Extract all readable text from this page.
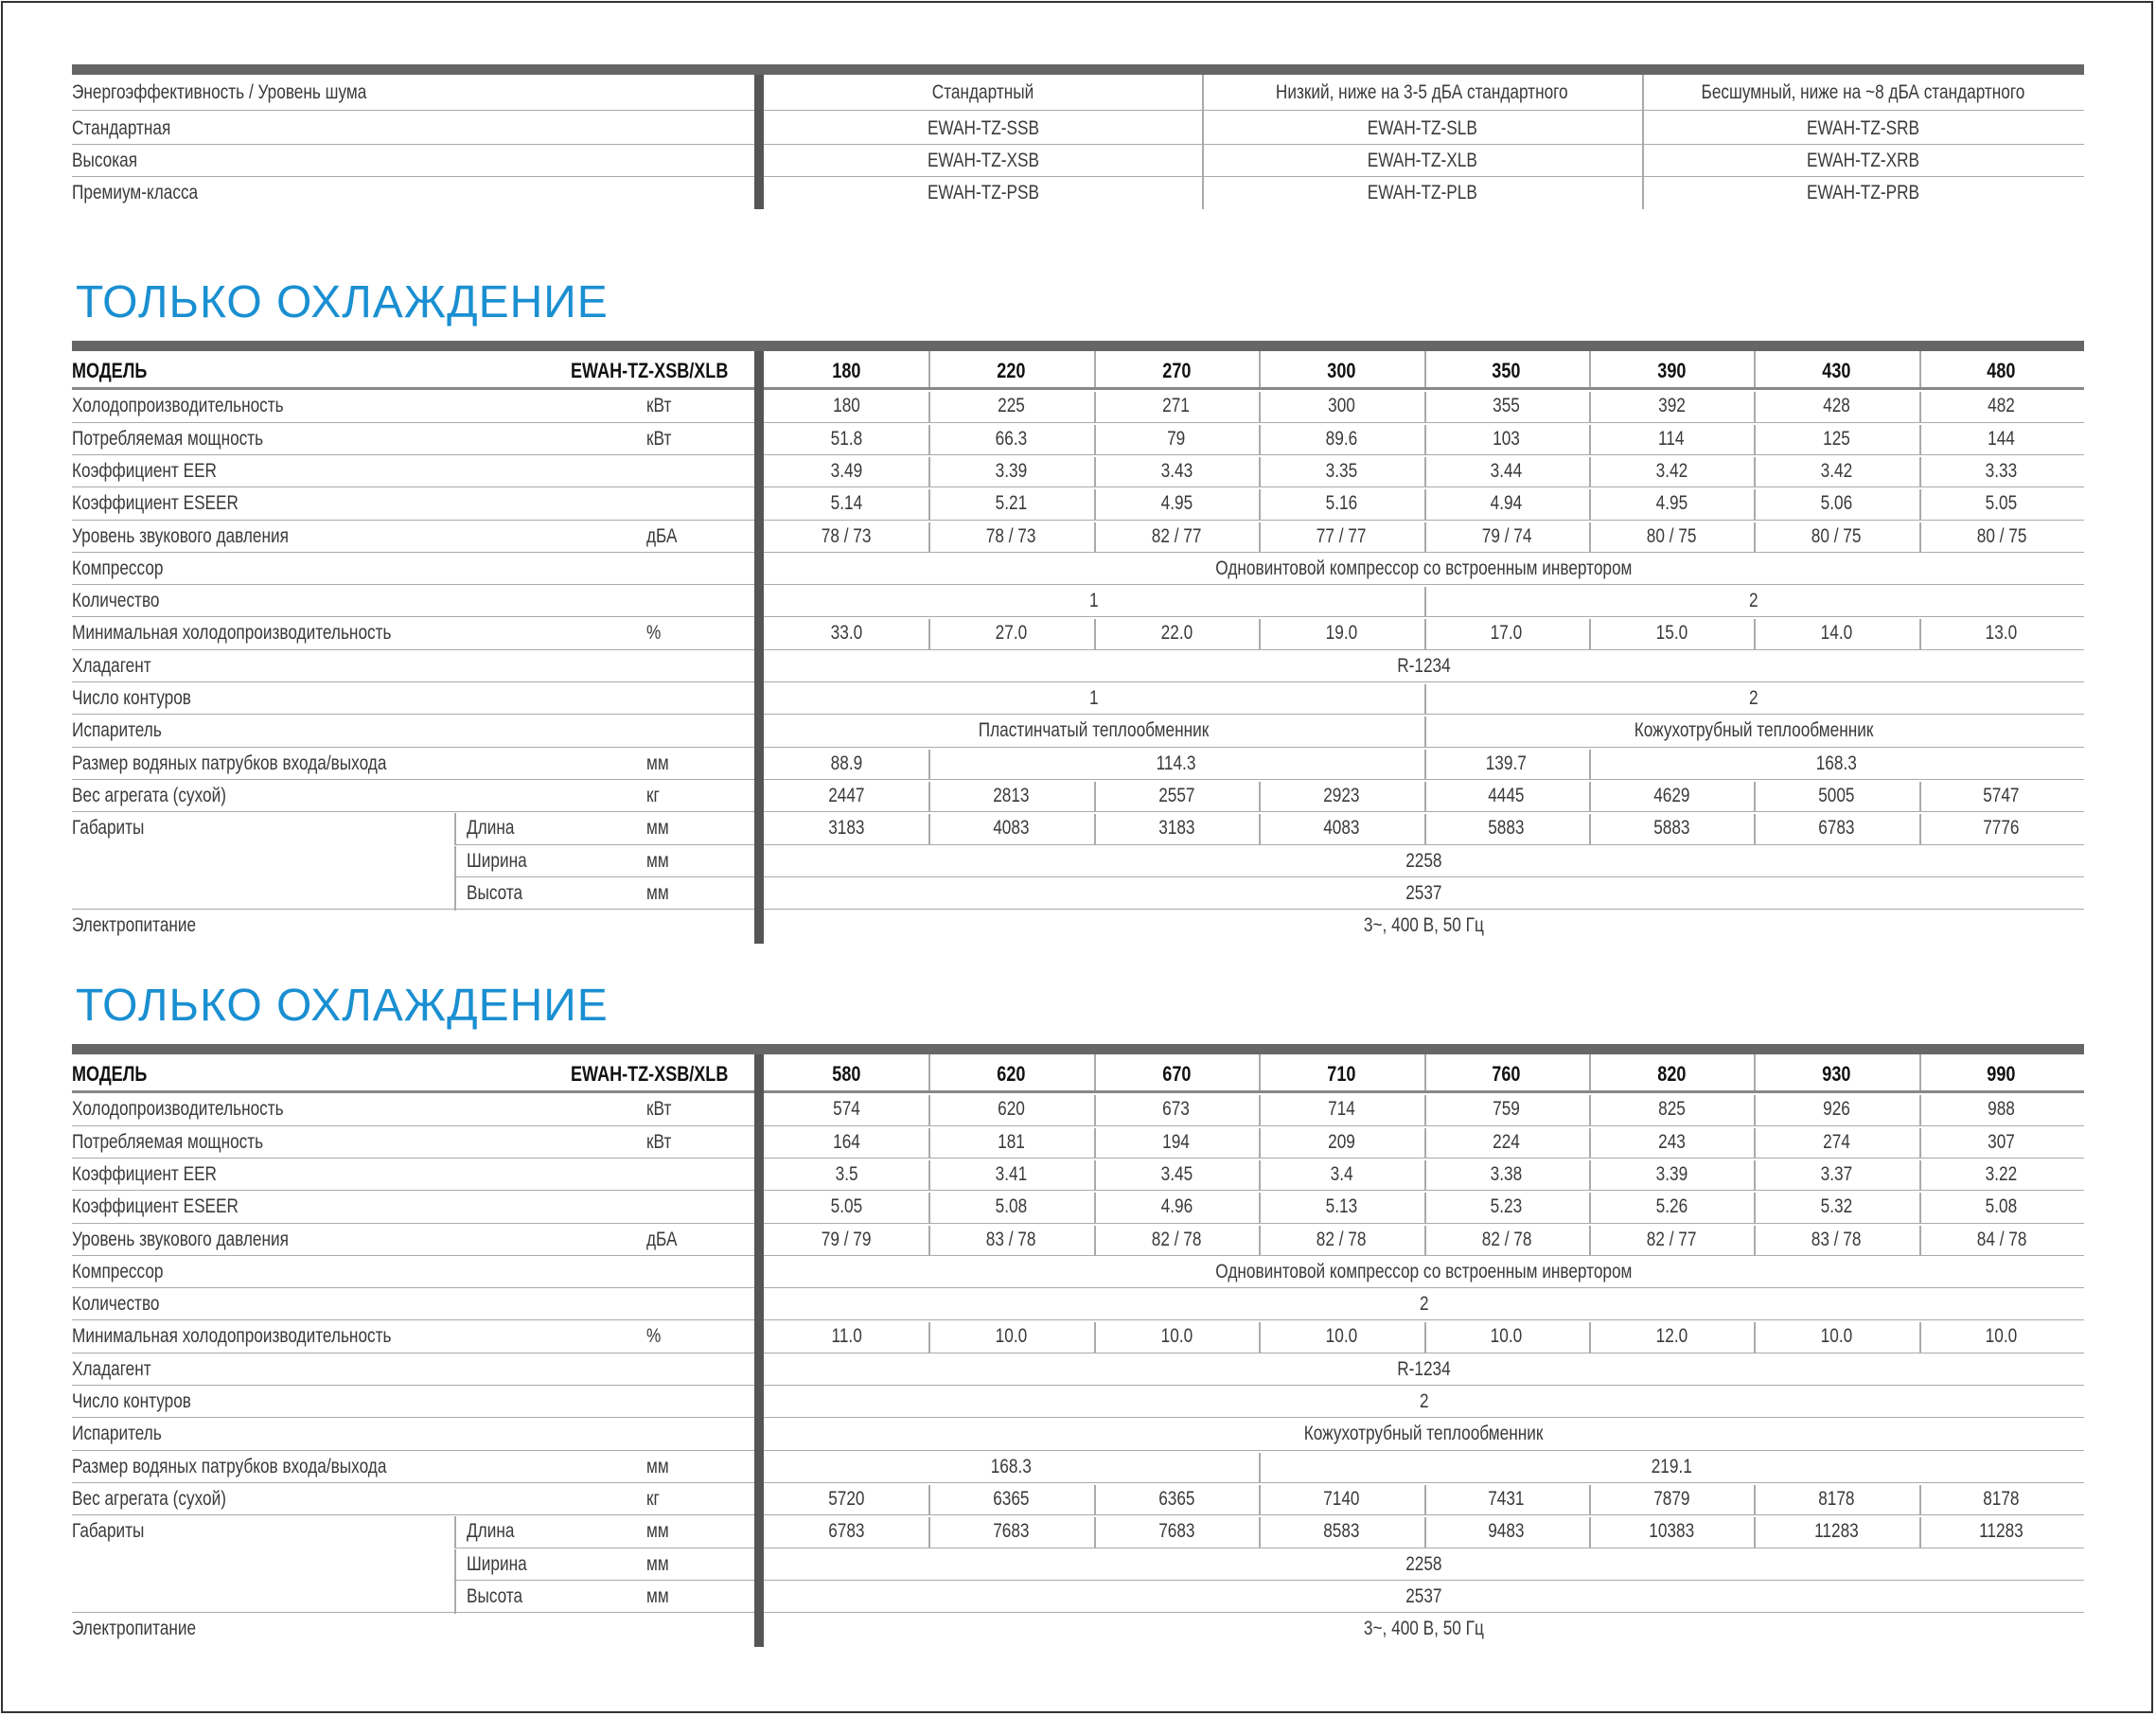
Энергоэффективность / Уровень шума	Стандартный	Низкий, ниже на 3-5 дБА стандартного	Бесшумный, ниже на ~8 дБА стандартного
Стандартная	EWAH-TZ-SSB	EWAH-TZ-SLB	EWAH-TZ-SRB
Высокая	EWAH-TZ-XSB	EWAH-TZ-XLB	EWAH-TZ-XRB
Премиум-класса	EWAH-TZ-PSB	EWAH-TZ-PLB	EWAH-TZ-PRB
ТОЛЬКО ОХЛАЖДЕНИЕ
МОДЕЛЬ	EWAH-TZ-XSB/XLB	180	220	270	300	350	390	430	480
Холодопроизводительность	кВт	180	225	271	300	355	392	428	482
Потребляемая мощность	кВт	51.8	66.3	79	89.6	103	114	125	144
Коэффициент EER	3.49	3.39	3.43	3.35	3.44	3.42	3.42	3.33
Коэффициент ESEER	5.14	5.21	4.95	5.16	4.94	4.95	5.06	5.05
Уровень звукового давления	дБА	78 / 73	78 / 73	82 / 77	77 / 77	79 / 74	80 / 75	80 / 75	80 / 75
Компрессор	Одновинтовой компрессор со встроенным инвертором
Количество	1	2
Минимальная холодопроизводительность	%	33.0	27.0	22.0	19.0	17.0	15.0	14.0	13.0
Хладагент	R-1234
Число контуров	1	2
Испаритель	Пластинчатый теплообменник	Кожухотрубный теплообменник
Размер водяных патрубков входа/выхода	мм	88.9	114.3	139.7	168.3
Вес агрегата (сухой)	кг	2447	2813	2557	2923	4445	4629	5005	5747
Габариты	Длина	мм	3183	4083	3183	4083	5883	5883	6783	7776
Ширина	мм	2258
Высота	мм	2537
Электропитание	3~, 400 В, 50 Гц
ТОЛЬКО ОХЛАЖДЕНИЕ
МОДЕЛЬ	EWAH-TZ-XSB/XLB	580	620	670	710	760	820	930	990
Холодопроизводительность	кВт	574	620	673	714	759	825	926	988
Потребляемая мощность	кВт	164	181	194	209	224	243	274	307
Коэффициент EER	3.5	3.41	3.45	3.4	3.38	3.39	3.37	3.22
Коэффициент ESEER	5.05	5.08	4.96	5.13	5.23	5.26	5.32	5.08
Уровень звукового давления	дБА	79 / 79	83 / 78	82 / 78	82 / 78	82 / 78	82 / 77	83 / 78	84 / 78
Компрессор	Одновинтовой компрессор со встроенным инвертором
Количество	2
Минимальная холодопроизводительность	%	11.0	10.0	10.0	10.0	10.0	12.0	10.0	10.0
Хладагент	R-1234
Число контуров	2
Испаритель	Кожухотрубный теплообменник
Размер водяных патрубков входа/выхода	мм	168.3	219.1
Вес агрегата (сухой)	кг	5720	6365	6365	7140	7431	7879	8178	8178
Габариты	Длина	мм	6783	7683	7683	8583	9483	10383	11283	11283
Ширина	мм	2258
Высота	мм	2537
Электропитание	3~, 400 В, 50 Гц
